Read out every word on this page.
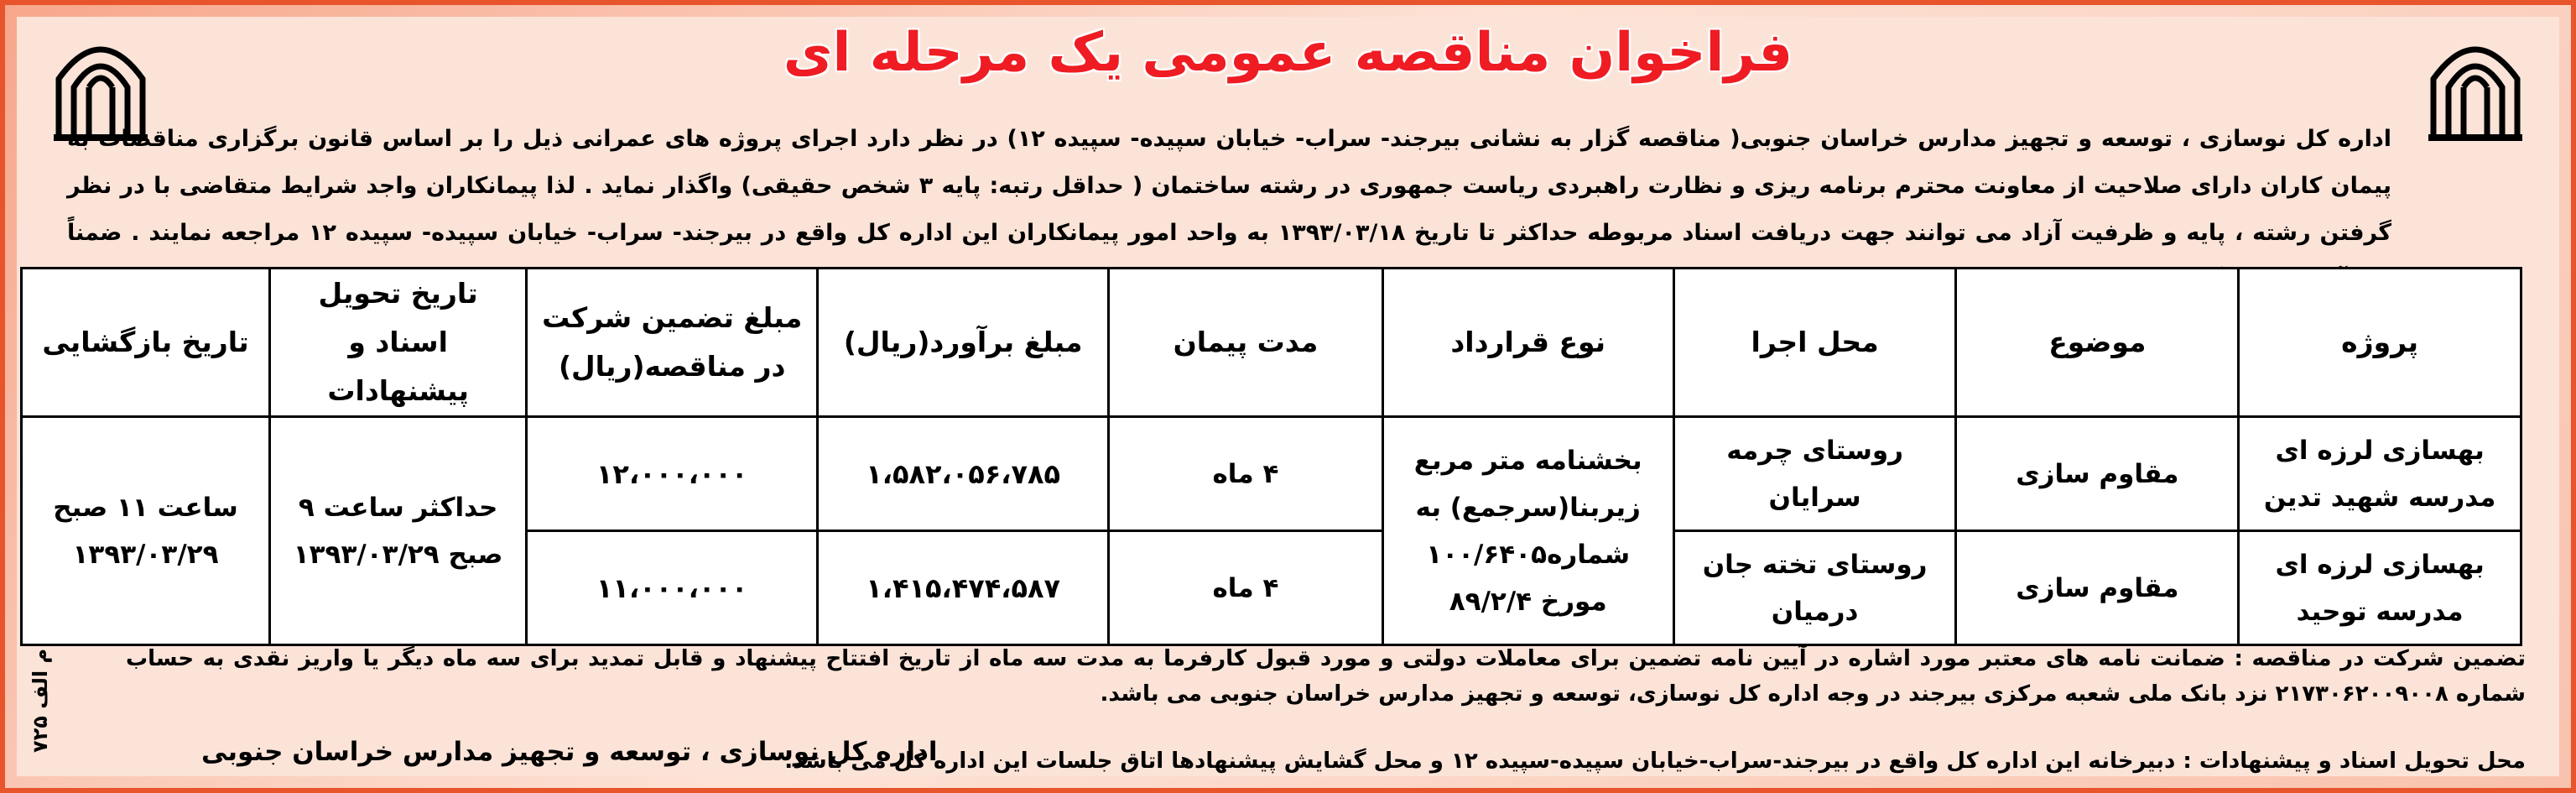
فراخوان مناقصه عمومی یک مرحله ای
اداره کل نوسازی ، توسعه و تجهیز مدارس خراسان جنوبی( مناقصه گزار به نشانی بیرجند- سراب- خیابان سپیده- سپیده ۱۲) در نظر دارد اجرای پروژه های عمرانی ذیل را بر اساس قانون برگزاری مناقصات به پیمان کاران دارای صلاحیت از معاونت محترم برنامه ریزی و نظارت راهبردی ریاست جمهوری در رشته ساختمان ( حداقل رتبه: پایه ۳ شخص حقیقی) واگذار نماید . لذا پیمانکاران واجد شرایط متقاضی با در نظر گرفتن رشته ، پایه و ظرفیت آزاد می توانند جهت دریافت اسناد مربوطه حداکثر تا تاریخ ۱۳۹۳/۰۳/۱۸ به واحد امور پیمانکاران این اداره کل واقع در بیرجند- سراب- خیابان سپیده- سپیده ۱۲ مراجعه نمایند . ضمناً
پروژه	موضوع	محل اجرا	نوع قرارداد	مدت پیمان	مبلغ برآورد(ریال)	مبلغ تضمین شرکت در مناقصه(ریال)	تاریخ تحویل اسناد و پیشنهادات	تاریخ بازگشایی
بهسازی لرزه ای مدرسه شهید تدین	مقاوم سازی	روستای چرمه سرایان	بخشنامه متر مربع زیربنا(سرجمع) به شماره۱۰۰/۶۴۰۵ مورخ ۸۹/۲/۴	۴ ماه	۱،۵۸۲،۰۵۶،۷۸۵	۱۲،۰۰۰،۰۰۰	حداکثر ساعت ۹ صبح ۱۳۹۳/۰۳/۲۹	ساعت ۱۱ صبح ۱۳۹۳/۰۳/۲۹
بهسازی لرزه ای مدرسه توحید	مقاوم سازی	روستای تخته جان درمیان		۴ ماه	۱،۴۱۵،۴۷۴،۵۸۷	۱۱،۰۰۰،۰۰۰		
تضمین شرکت در مناقصه : ضمانت نامه های معتبر مورد اشاره در آیین نامه تضمین برای معاملات دولتی و مورد قبول کارفرما به مدت سه ماه از تاریخ افتتاح پیشنهاد و قابل تمدید برای سه ماه دیگر یا واریز نقدی به حساب شماره ۲۱۷۳۰۶۲۰۰۹۰۰۸ نزد بانک ملی شعبه مرکزی بیرجند در وجه اداره کل نوسازی، توسعه و تجهیز مدارس خراسان جنوبی می باشد.
اداره کل نوسازی ، توسعه و تجهیز مدارس خراسان جنوبی
محل تحویل اسناد و پیشنهادات : دبیرخانه این اداره کل واقع در بیرجند-سراب-خیابان سپیده-سپیده ۱۲ و محل گشایش پیشنهادها اتاق جلسات این اداره کل می باشد.
م الف ۷۲۵
